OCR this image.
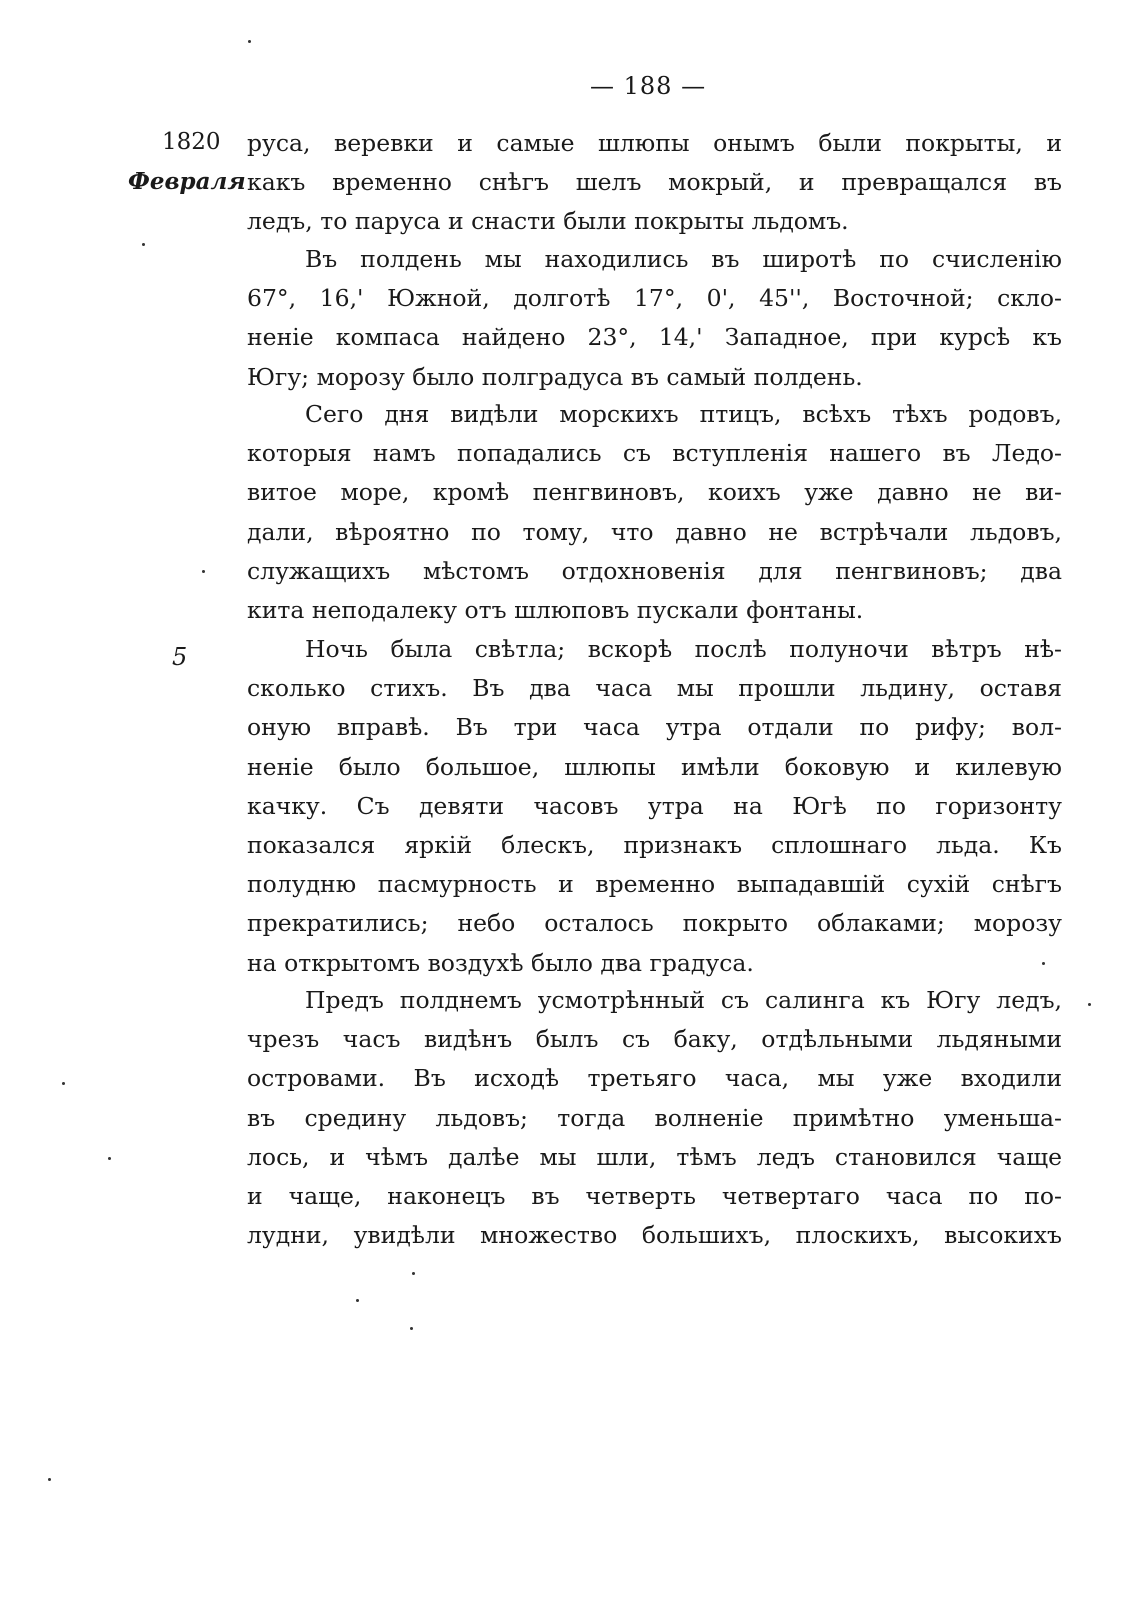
— 188 —
1820
Февраля
5
руса, веревки и самые шлюпы онымъ были покрыты, и
какъ временно снѣгъ шелъ мокрый, и превращался въ
ледъ, то паруса и снасти были покрыты льдомъ.
Въ полдень мы находились въ широтѣ по счисленію
67°, 16,' Южной, долготѣ 17°, 0', 45'', Восточной; скло-
неніе компаса найдено 23°, 14,' Западное, при курсѣ къ
Югу; морозу было полградуса въ самый полдень.
Сего дня видѣли морскихъ птицъ, всѣхъ тѣхъ родовъ,
которыя намъ попадались съ вступленія нашего въ Ледо-
витое море, кромѣ пенгвиновъ, коихъ уже давно не ви-
дали, вѣроятно по тому, что давно не встрѣчали льдовъ,
служащихъ мѣстомъ отдохновенія для пенгвиновъ; два
кита неподалеку отъ шлюповъ пускали фонтаны.
Ночь была свѣтла; вскорѣ послѣ полуночи вѣтръ нѣ-
сколько стихъ. Въ два часа мы прошли льдину, оставя
оную вправѣ. Въ три часа утра отдали по рифу; вол-
неніе было большое, шлюпы имѣли боковую и килевую
качку. Съ девяти часовъ утра на Югѣ по горизонту
показался яркій блескъ, признакъ сплошнаго льда. Къ
полудню пасмурность и временно выпадавшій сухій снѣгъ
прекратились; небо осталось покрыто облаками; морозу
на открытомъ воздухѣ было два градуса.
Предъ полднемъ усмотрѣнный съ салинга къ Югу ледъ,
чрезъ часъ видѣнъ былъ съ баку, отдѣльными льдяными
островами. Въ исходѣ третьяго часа, мы уже входили
въ средину льдовъ; тогда волненіе примѣтно уменьша-
лось, и чѣмъ далѣе мы шли, тѣмъ ледъ становился чаще
и чаще, наконецъ въ четверть четвертаго часа по по-
лудни, увидѣли множество большихъ, плоскихъ, высокихъ
